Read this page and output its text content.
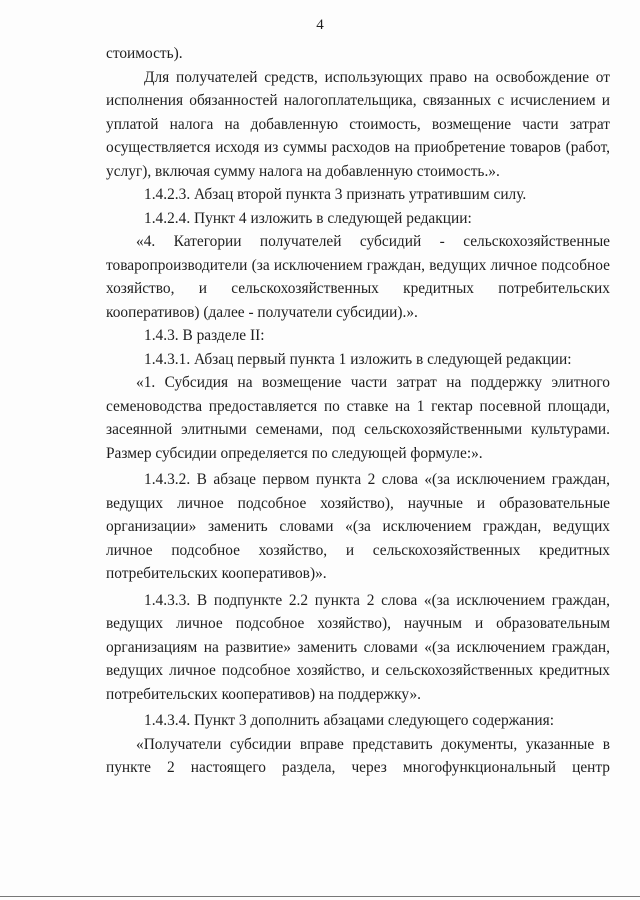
4

стоимость).

Для получателей средств, использующих право на освобождение от исполнения обязанностей налогоплательщика, связанных с исчислением и уплатой налога на добавленную стоимость, возмещение части затрат осуществляется исходя из суммы расходов на приобретение товаров (работ, услуг), включая сумму налога на добавленную стоимость.».

1.4.2.3. Абзац второй пункта 3 признать утратившим силу.

1.4.2.4. Пункт 4 изложить в следующей редакции:

«4. Категории получателей субсидий - сельскохозяйственные товаропроизводители (за исключением граждан, ведущих личное подсобное хозяйство, и сельскохозяйственных кредитных потребительских кооперативов) (далее - получатели субсидии).».

1.4.3. В разделе II:

1.4.3.1. Абзац первый пункта 1 изложить в следующей редакции:

«1. Субсидия на возмещение части затрат на поддержку элитного семеноводства предоставляется по ставке на 1 гектар посевной площади, засеянной элитными семенами, под сельскохозяйственными культурами. Размер субсидии определяется по следующей формуле:».

1.4.3.2. В абзаце первом пункта 2 слова «(за исключением граждан, ведущих личное подсобное хозяйство), научные и образовательные организации» заменить словами «(за исключением граждан, ведущих личное подсобное хозяйство, и сельскохозяйственных кредитных потребительских кооперативов)».

1.4.3.3. В подпункте 2.2 пункта 2 слова «(за исключением граждан, ведущих личное подсобное хозяйство), научным и образовательным организациям на развитие» заменить словами «(за исключением граждан, ведущих личное подсобное хозяйство, и сельскохозяйственных кредитных потребительских кооперативов) на поддержку».

1.4.3.4. Пункт 3 дополнить абзацами следующего содержания:

«Получатели субсидии вправе представить документы, указанные в пункте 2 настоящего раздела, через многофункциональный центр
